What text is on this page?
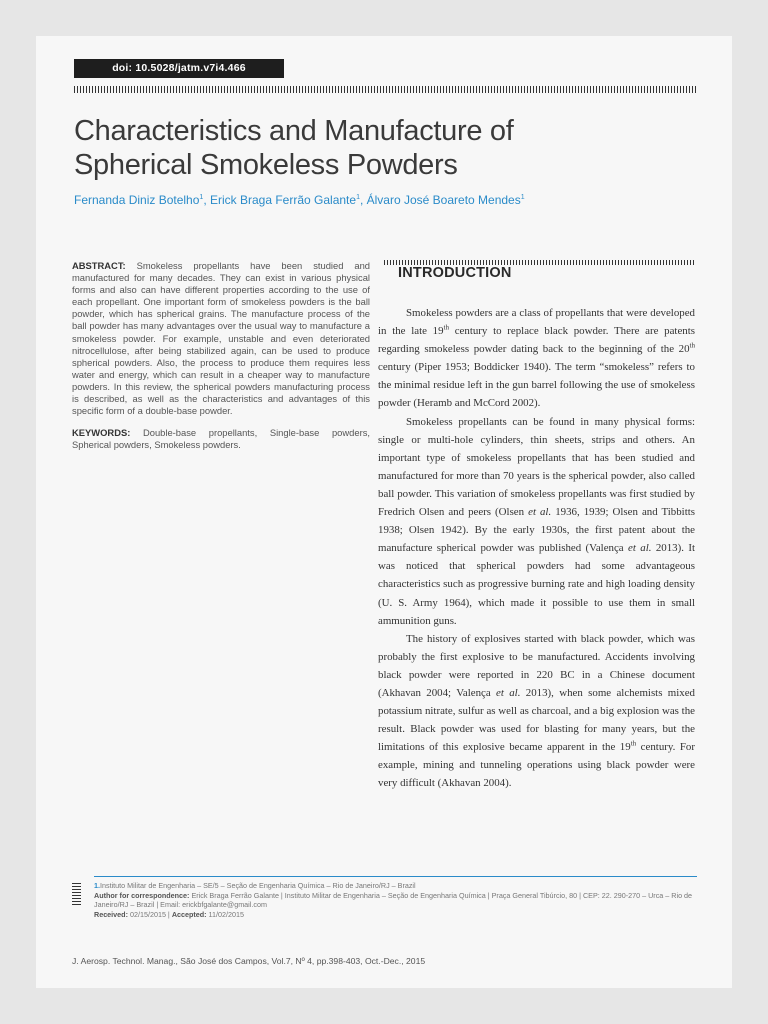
doi: 10.5028/jatm.v7i4.466
Characteristics and Manufacture of Spherical Smokeless Powders
Fernanda Diniz Botelho$^1$, Erick Braga Ferrão Galante$^1$, Álvaro José Boareto Mendes$^1$

ABSTRACT: Smokeless propellants have been studied and manufactured for many decades. They can exist in various physical forms and also can have different properties according to the use of each propellant. One important form of smokeless powders is the ball powder, which has spherical grains. The manufacture process of the ball powder has many advantages over the usual way to manufacture a smokeless powder. For example, unstable and even deteriorated nitrocellulose, after being stabilized again, can be used to produce spherical powders. Also, the process to produce them requires less water and energy, which can result in a cheaper way to manufacture powders. In this review, the spherical powders manufacturing process is described, as well as the characteristics and advantages of this specific form of a double-base powder.

KEYWORDS: Double-base propellants, Single-base powders, Spherical powders, Smokeless powders.

INTRODUCTION

Smokeless powders are a class of propellants that were developed in the late 19th century to replace black powder. There are patents regarding smokeless powder dating back to the beginning of the 20th century (Piper 1953; Boddicker 1940). The term “smokeless” refers to the minimal residue left in the gun barrel following the use of smokeless powder (Heramb and McCord 2002).

Smokeless propellants can be found in many physical forms: single or multi-hole cylinders, thin sheets, strips and others. An important type of smokeless propellants that has been studied and manufactured for more than 70 years is the spherical powder, also called ball powder. This variation of smokeless propellants was first studied by Fredrich Olsen and peers (Olsen et al. 1936, 1939; Olsen and Tibbitts 1938; Olsen 1942). By the early 1930s, the first patent about the manufacture spherical powder was published (Valença et al. 2013). It was noticed that spherical powders had some advantageous characteristics such as progressive burning rate and high loading density (U. S. Army 1964), which made it possible to use them in small ammunition guns.

The history of explosives started with black powder, which was probably the first explosive to be manufactured. Accidents involving black powder were reported in 220 BC in a Chinese document (Akhavan 2004; Valença et al. 2013), when some alchemists mixed potassium nitrate, sulfur as well as charcoal, and a big explosion was the result. Black powder was used for blasting for many years, but the limitations of this explosive became apparent in the 19th century. For example, mining and tunneling operations using black powder were very difficult (Akhavan 2004).

1.Instituto Militar de Engenharia – SE/5 – Seção de Engenharia Química – Rio de Janeiro/RJ – Brazil
Author for correspondence: Erick Braga Ferrão Galante | Instituto Militar de Engenharia – Seção de Engenharia Química | Praça General Tibúrcio, 80 | CEP: 22. 290-270 – Urca – Rio de Janeiro/RJ – Brazil | Email: erickbfgalante@gmail.com
Received: 02/15/2015 | Accepted: 11/02/2015
J. Aerosp. Technol. Manag., São José dos Campos, Vol.7, Nº 4, pp.398-403, Oct.-Dec., 2015
